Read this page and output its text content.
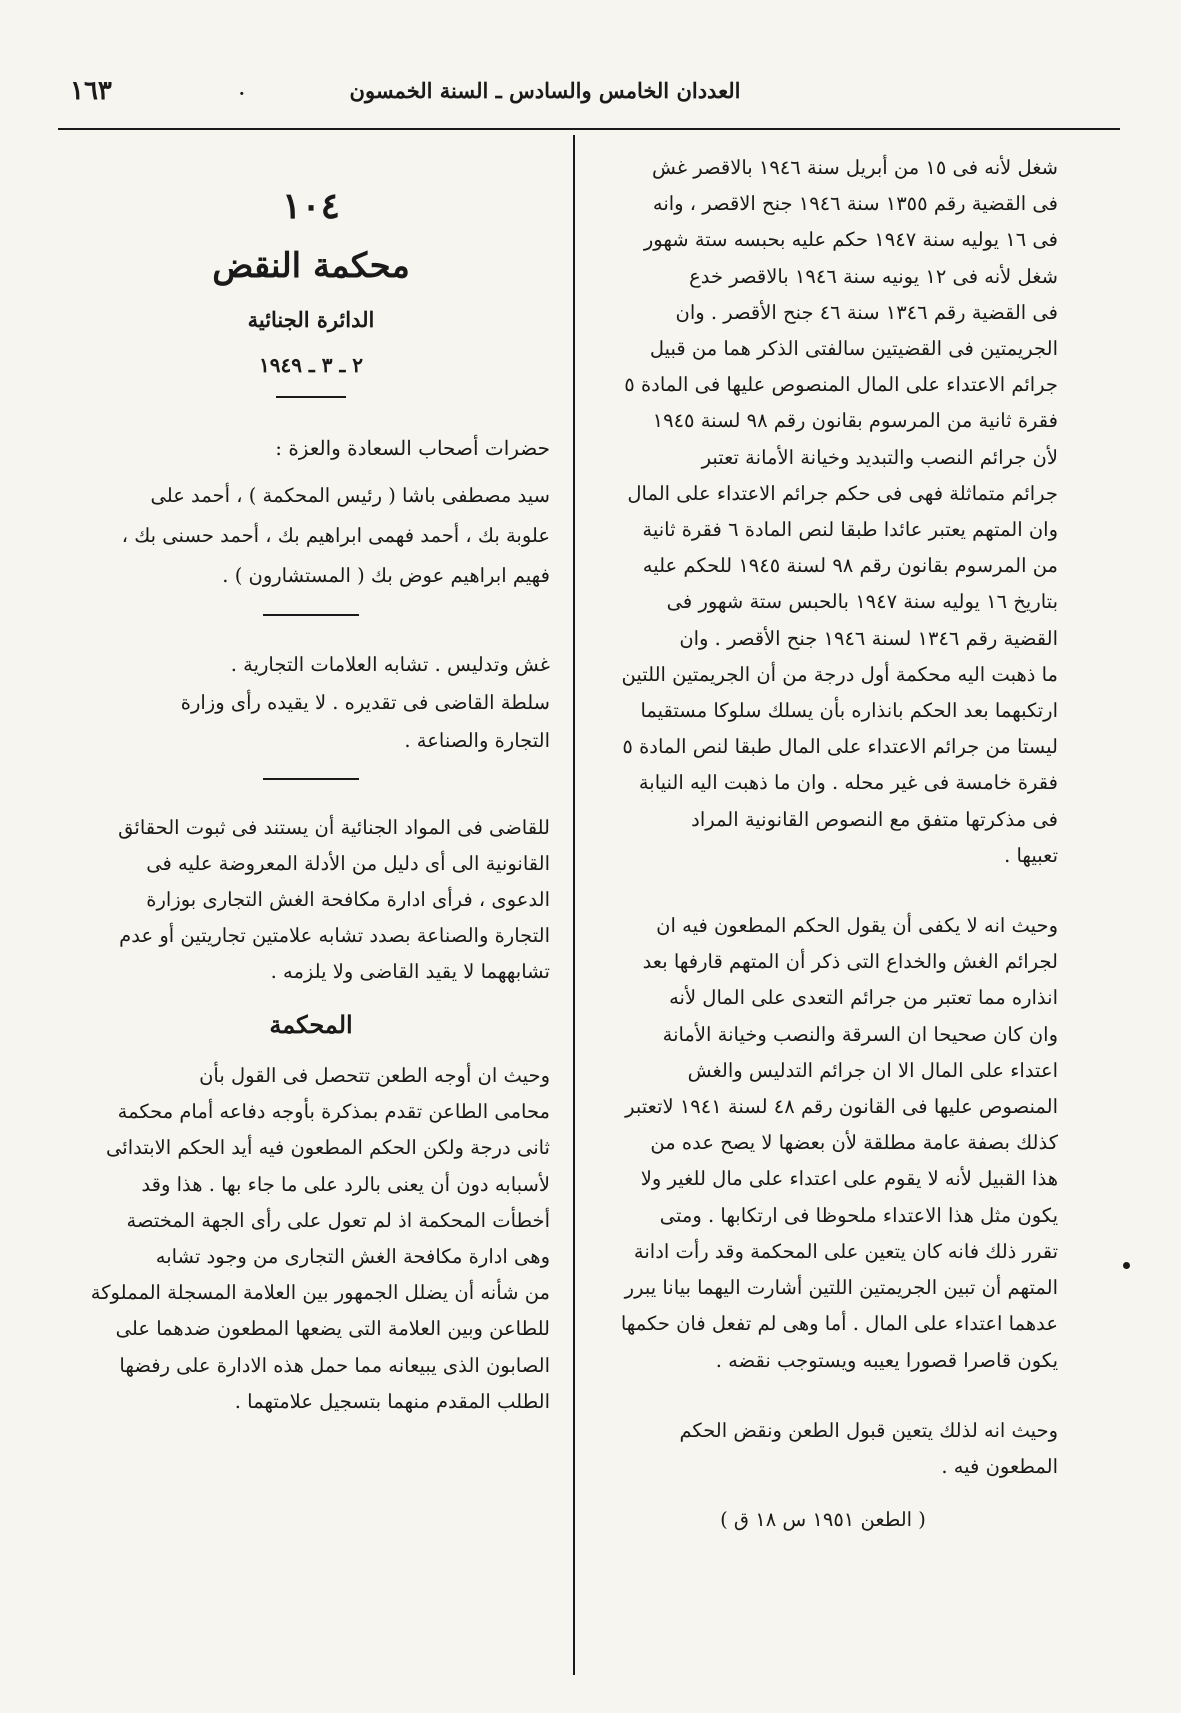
١٦٣	·	العددان الخامس والسادس ـ السنة الخمسون
شغل لأنه فى ١٥ من أبريل سنة ١٩٤٦ بالاقصر غش
فى القضية رقم ١٣٥٥ سنة ١٩٤٦ جنح الاقصر ، وانه
فى ١٦ يوليه سنة ١٩٤٧ حكم عليه بحبسه ستة شهور
شغل لأنه فى ١٢ يونيه سنة ١٩٤٦ بالاقصر خدع
فى القضية رقم ١٣٤٦ سنة ٤٦ جنح الأقصر . وان
الجريمتين فى القضيتين سالفتى الذكر هما من قبيل
جرائم الاعتداء على المال المنصوص عليها فى المادة ٥
فقرة ثانية من المرسوم بقانون رقم ٩٨ لسنة ١٩٤٥
لأن جرائم النصب والتبديد وخيانة الأمانة تعتبر
جرائم متماثلة فهى فى حكم جرائم الاعتداء على المال
وان المتهم يعتبر عائدا طبقا لنص المادة ٦ فقرة ثانية
من المرسوم بقانون رقم ٩٨ لسنة ١٩٤٥ للحكم عليه
بتاريخ ١٦ يوليه سنة ١٩٤٧ بالحبس ستة شهور فى
القضية رقم ١٣٤٦ لسنة ١٩٤٦ جنح الأقصر . وان
ما ذهبت اليه محكمة أول درجة من أن الجريمتين اللتين
ارتكبهما بعد الحكم بانذاره بأن يسلك سلوكا مستقيما
ليستا من جرائم الاعتداء على المال طبقا لنص المادة ٥
فقرة خامسة فى غير محله . وان ما ذهبت اليه النيابة
فى مذكرتها متفق مع النصوص القانونية المراد
تعبيها .
وحيث انه لا يكفى أن يقول الحكم المطعون فيه ان
لجرائم الغش والخداع التى ذكر أن المتهم قارفها بعد
انذاره مما تعتبر من جرائم التعدى على المال لأنه
وان كان صحيحا ان السرقة والنصب وخيانة الأمانة
اعتداء على المال الا ان جرائم التدليس والغش
المنصوص عليها فى القانون رقم ٤٨ لسنة ١٩٤١ لاتعتبر
كذلك بصفة عامة مطلقة لأن بعضها لا يصح عده من
هذا القبيل لأنه لا يقوم على اعتداء على مال للغير ولا
يكون مثل هذا الاعتداء ملحوظا فى ارتكابها . ومتى
تقرر ذلك فانه كان يتعين على المحكمة وقد رأت ادانة
المتهم أن تبين الجريمتين اللتين أشارت اليهما بيانا يبرر
عدهما اعتداء على المال . أما وهى لم تفعل فان حكمها
يكون قاصرا قصورا يعيبه ويستوجب نقضه .
وحيث انه لذلك يتعين قبول الطعن ونقض الحكم
المطعون فيه .
( الطعن ١٩٥١ س ١٨ ق )
١٠٤
محكمة النقض
الدائرة الجنائية
٢ ـ ٣ ـ ١٩٤٩
حضرات أصحاب السعادة والعزة :
سيد مصطفى باشا ( رئيس المحكمة ) ، أحمد على
علوبة بك ، أحمد فهمى ابراهيم بك ، أحمد حسنى بك ،
فهيم ابراهيم عوض بك ( المستشارون ) .
غش وتدليس . تشابه العلامات التجارية .
سلطة القاضى فى تقديره . لا يقيده رأى وزارة
التجارة والصناعة .
للقاضى فى المواد الجنائية أن يستند فى ثبوت الحقائق
القانونية الى أى دليل من الأدلة المعروضة عليه فى
الدعوى ، فرأى ادارة مكافحة الغش التجارى بوزارة
التجارة والصناعة بصدد تشابه علامتين تجاريتين أو عدم
تشابههما لا يقيد القاضى ولا يلزمه .
المحكمة
وحيث ان أوجه الطعن تتحصل فى القول بأن
محامى الطاعن تقدم بمذكرة بأوجه دفاعه أمام محكمة
ثانى درجة ولكن الحكم المطعون فيه أيد الحكم الابتدائى
لأسبابه دون أن يعنى بالرد على ما جاء بها . هذا وقد
أخطأت المحكمة اذ لم تعول على رأى الجهة المختصة
وهى ادارة مكافحة الغش التجارى من وجود تشابه
من شأنه أن يضلل الجمهور بين العلامة المسجلة المملوكة
للطاعن وبين العلامة التى يضعها المطعون ضدهما على
الصابون الذى يبيعانه مما حمل هذه الادارة على رفضها
الطلب المقدم منهما بتسجيل علامتهما .
